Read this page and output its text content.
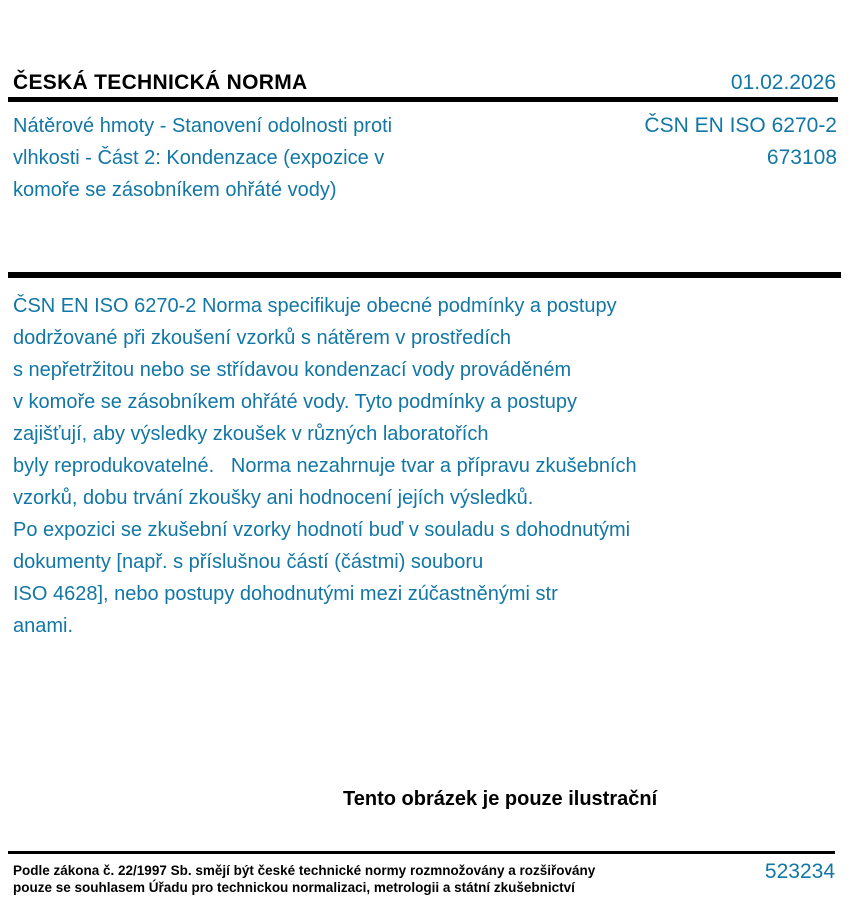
ČESKÁ TECHNICKÁ NORMA	01.02.2026
Nátěrové hmoty - Stanovení odolnosti proti
vlhkosti - Část 2: Kondenzace (expozice v
komoře se zásobníkem ohřáté vody)
ČSN EN ISO 6270-2
673108
ČSN EN ISO 6270-2 Norma specifikuje obecné podmínky a postupy
dodržované při zkoušení vzorků s nátěrem v prostředích
s nepřetržitou nebo se střídavou kondenzací vody prováděném
v komoře se zásobníkem ohřáté vody. Tyto podmínky a postupy
zajišťují, aby výsledky zkoušek v různých laboratořích
byly reprodukovatelné.   Norma nezahrnuje tvar a přípravu zkušebních
vzorků, dobu trvání zkoušky ani hodnocení jejích výsledků.
Po expozici se zkušební vzorky hodnotí buď v souladu s dohodnutými
dokumenty [např. s příslušnou částí (částmi) souboru
ISO 4628], nebo postupy dohodnutými mezi zúčastněnými str
anami.
Tento obrázek je pouze ilustrační
Podle zákona č. 22/1997 Sb. smějí být české technické normy rozmnožovány a rozšiřovány
pouze se souhlasem Úřadu pro technickou normalizaci, metrologii a státní zkušebnictví
523234
